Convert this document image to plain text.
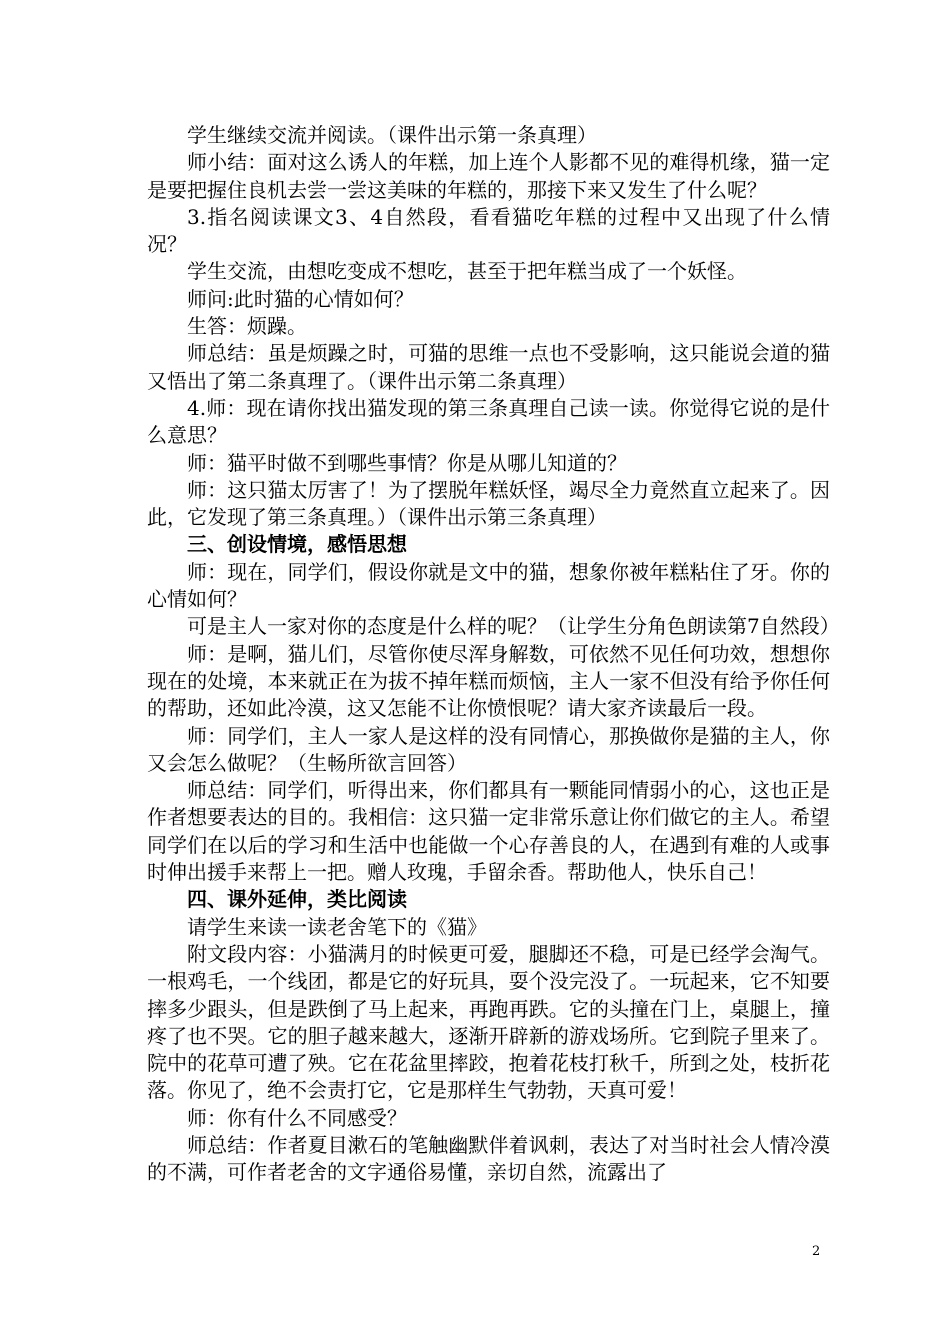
学生继续交流并阅读。（课件出示第一条真理）

师小结：面对这么诱人的年糕，加上连个人影都不见的难得机缘，猫一定是要把握住良机去尝一尝这美味的年糕的，那接下来又发生了什么呢？

3.指名阅读课文3、4自然段，看看猫吃年糕的过程中又出现了什么情况？

学生交流，由想吃变成不想吃，甚至于把年糕当成了一个妖怪。

师问:此时猫的心情如何？

生答：烦躁。

师总结：虽是烦躁之时，可猫的思维一点也不受影响，这只能说会道的猫又悟出了第二条真理了。（课件出示第二条真理）

4.师：现在请你找出猫发现的第三条真理自己读一读。你觉得它说的是什么意思？

师：猫平时做不到哪些事情？你是从哪儿知道的？

师：这只猫太厉害了！为了摆脱年糕妖怪，竭尽全力竟然直立起来了。因此，它发现了第三条真理。）（课件出示第三条真理）

三、创设情境，感悟思想

师：现在，同学们，假设你就是文中的猫，想象你被年糕粘住了牙。你的心情如何？

可是主人一家对你的态度是什么样的呢？（让学生分角色朗读第7自然段）

师：是啊，猫儿们，尽管你使尽浑身解数，可依然不见任何功效，想想你现在的处境，本来就正在为拔不掉年糕而烦恼，主人一家不但没有给予你任何的帮助，还如此冷漠，这又怎能不让你愤恨呢？请大家齐读最后一段。

师：同学们，主人一家人是这样的没有同情心，那换做你是猫的主人，你又会怎么做呢？（生畅所欲言回答）

师总结：同学们，听得出来，你们都具有一颗能同情弱小的心，这也正是作者想要表达的目的。我相信：这只猫一定非常乐意让你们做它的主人。希望同学们在以后的学习和生活中也能做一个心存善良的人，在遇到有难的人或事时伸出援手来帮上一把。赠人玫瑰，手留余香。帮助他人，快乐自己！

四、课外延伸，类比阅读

请学生来读一读老舍笔下的《猫》

附文段内容：小猫满月的时候更可爱，腿脚还不稳，可是已经学会淘气。一根鸡毛，一个线团，都是它的好玩具，耍个没完没了。一玩起来，它不知要摔多少跟头，但是跌倒了马上起来，再跑再跌。它的头撞在门上，桌腿上，撞疼了也不哭。它的胆子越来越大，逐渐开辟新的游戏场所。它到院子里来了。院中的花草可遭了殃。它在花盆里摔跤，抱着花枝打秋千，所到之处，枝折花落。你见了，绝不会责打它，它是那样生气勃勃，天真可爱！

师：你有什么不同感受？

师总结：作者夏目漱石的笔触幽默伴着讽刺，表达了对当时社会人情冷漠的不满，可作者老舍的文字通俗易懂，亲切自然，流露出了

2
